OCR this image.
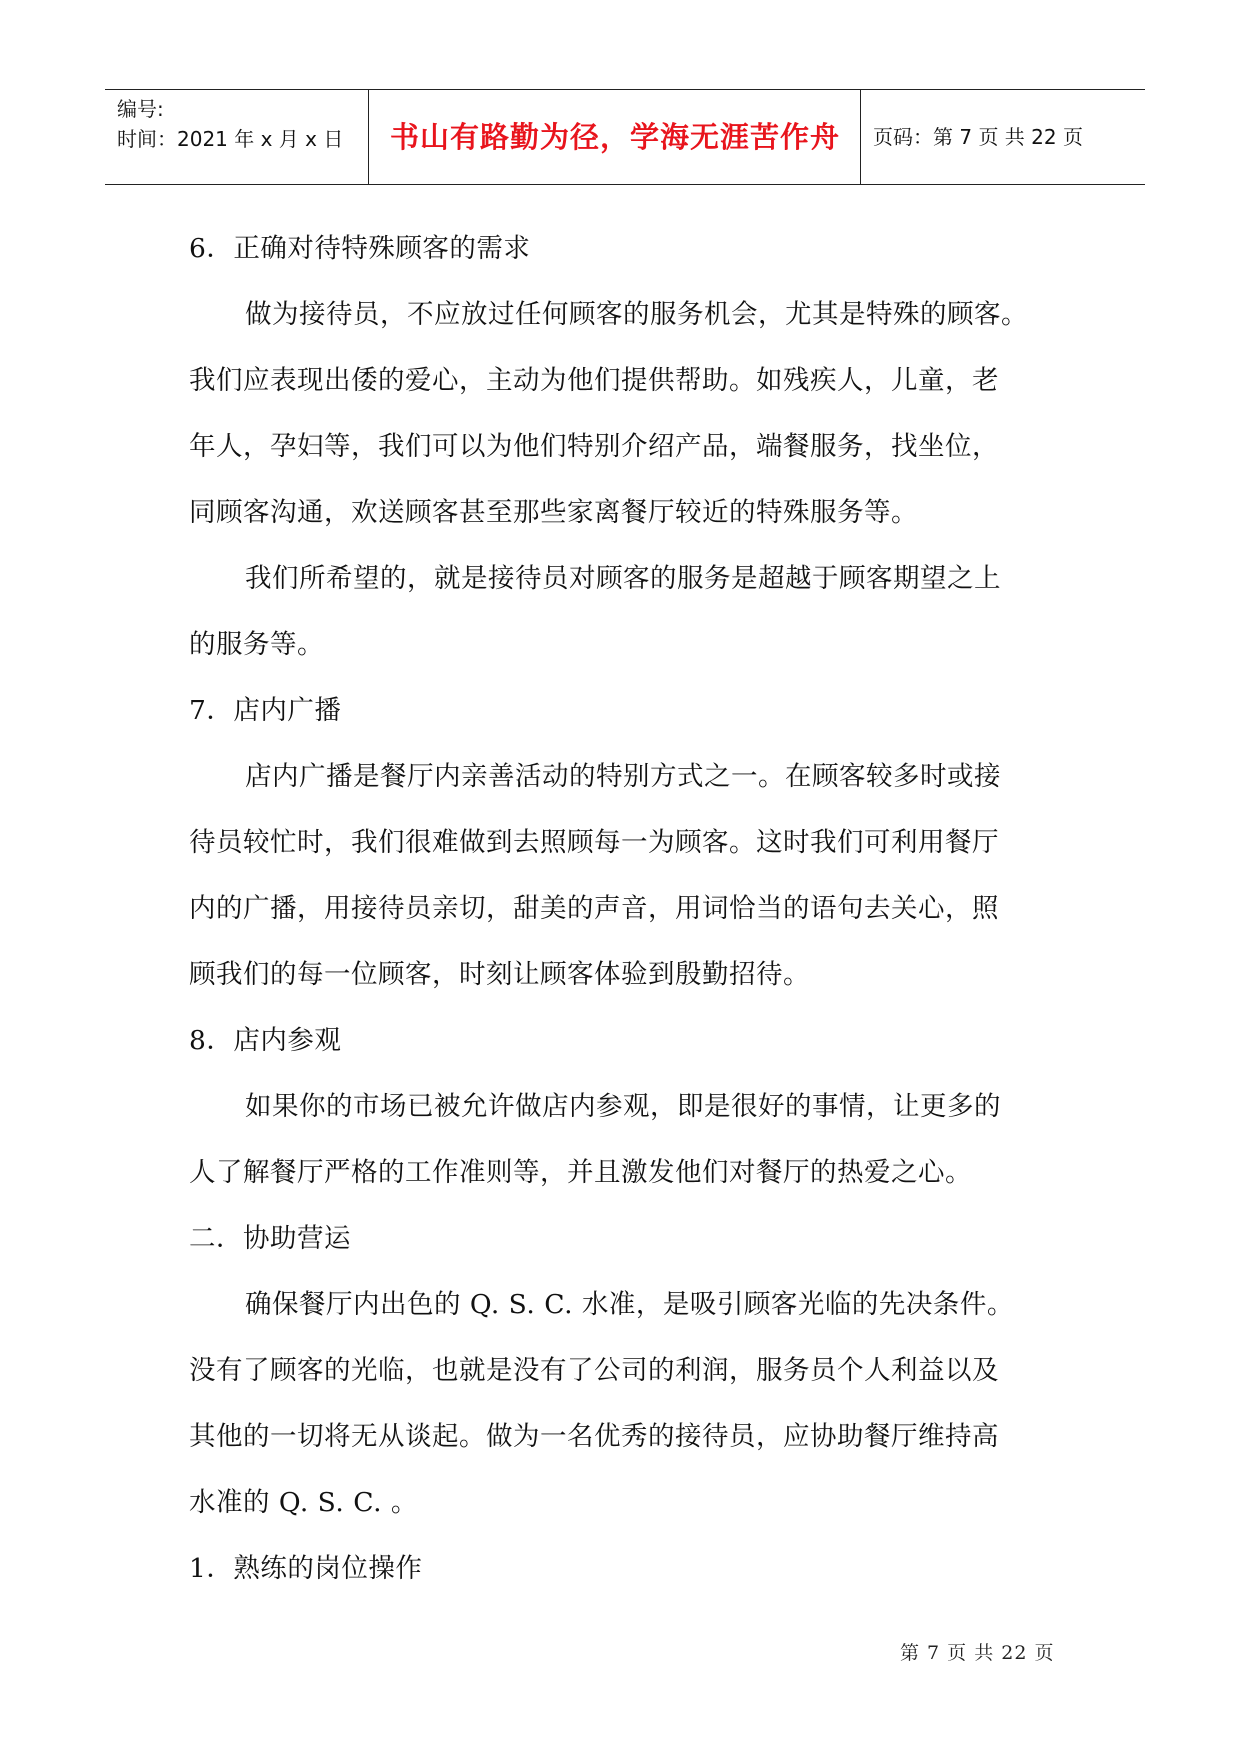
编号:
时间：2021 年 x 月 x 日	书山有路勤为径，学海无涯苦作舟	页码：第 7 页 共 22 页
6．正确对待特殊顾客的需求
做为接待员，不应放过任何顾客的服务机会，尤其是特殊的顾客。
我们应表现出倭的爱心，主动为他们提供帮助。如残疾人，儿童，老
年人，孕妇等，我们可以为他们特别介绍产品，端餐服务，找坐位，
同顾客沟通，欢送顾客甚至那些家离餐厅较近的特殊服务等。
我们所希望的，就是接待员对顾客的服务是超越于顾客期望之上
的服务等。
7．店内广播
店内广播是餐厅内亲善活动的特别方式之一。在顾客较多时或接
待员较忙时，我们很难做到去照顾每一为顾客。这时我们可利用餐厅
内的广播，用接待员亲切，甜美的声音，用词恰当的语句去关心，照
顾我们的每一位顾客，时刻让顾客体验到殷勤招待。
8．店内参观
如果你的市场已被允许做店内参观，即是很好的事情，让更多的
人了解餐厅严格的工作准则等，并且激发他们对餐厅的热爱之心。
二．协助营运
确保餐厅内出色的 Q. S. C. 水准，是吸引顾客光临的先决条件。
没有了顾客的光临，也就是没有了公司的利润，服务员个人利益以及
其他的一切将无从谈起。做为一名优秀的接待员，应协助餐厅维持高
水准的 Q. S. C. 。
1．熟练的岗位操作
第 7 页 共 22 页
